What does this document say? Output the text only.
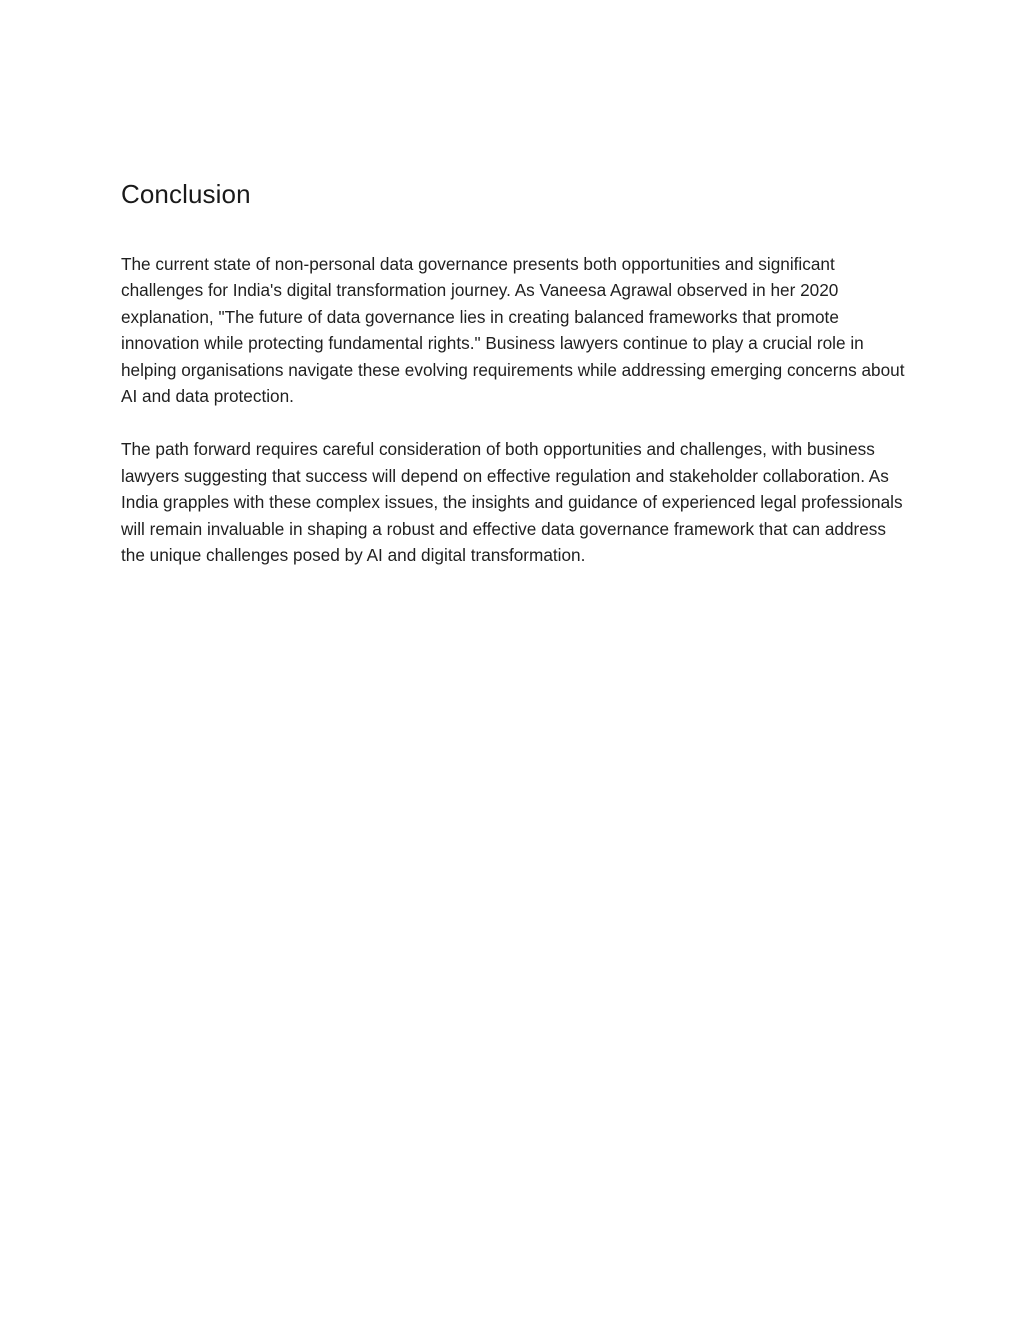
Conclusion

The current state of non-personal data governance presents both opportunities and significant challenges for India's digital transformation journey. As Vaneesa Agrawal observed in her 2020 explanation, "The future of data governance lies in creating balanced frameworks that promote innovation while protecting fundamental rights." Business lawyers continue to play a crucial role in helping organisations navigate these evolving requirements while addressing emerging concerns about AI and data protection.

The path forward requires careful consideration of both opportunities and challenges, with business lawyers suggesting that success will depend on effective regulation and stakeholder collaboration. As India grapples with these complex issues, the insights and guidance of experienced legal professionals will remain invaluable in shaping a robust and effective data governance framework that can address the unique challenges posed by AI and digital transformation.
